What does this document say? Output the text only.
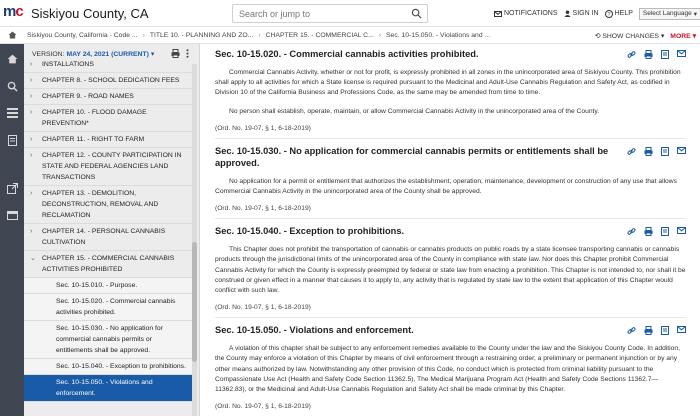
mc Siskiyou County, CA	Search or jump to	NOTIFICATIONS SIGN IN ? HELP Select Language ▾
Siskiyou County, California - Code ... › TITLE 10. - PLANNING AND ZO... › CHAPTER 15. - COMMERCIAL C... › Sec. 10-15.050. - Violations and ...	⟲ SHOW CHANGES ▾ MORE ▾
VERSION: MAY 24, 2021 (CURRENT) ▾
›	INSTALLATIONS
›	CHAPTER 8. - SCHOOL DEDICATION FEES
›	CHAPTER 9. - ROAD NAMES
›	CHAPTER 10. - FLOOD DAMAGE PREVENTION*
›	CHAPTER 11. - RIGHT TO FARM
›	CHAPTER 12. - COUNTY PARTICIPATION IN STATE AND FEDERAL AGENCIES LAND TRANSACTIONS
›	CHAPTER 13. - DEMOLITION, DECONSTRUCTION, REMOVAL AND RECLAMATION
›	CHAPTER 14. - PERSONAL CANNABIS CULTIVATION
⌄ CHAPTER 15. - COMMERCIAL CANNABIS ACTIVITIES PROHIBITED
Sec. 10-15.010. - Purpose.
Sec. 10-15.020. - Commercial cannabis activities prohibited.
Sec. 10-15.030. - No application for commercial cannabis permits or entitlements shall be approved.
Sec. 10-15.040. - Exception to prohibitions.
Sec. 10-15.050. - Violations and enforcement.
Sec. 10-15.020. - Commercial cannabis activities prohibited.
Commercial Cannabis Activity, whether or not for profit, is expressly prohibited in all zones in the unincorporated area of Siskiyou County. This prohibition shall apply to all activities for which a State license is required pursuant to the Medicinal and Adult-Use Cannabis Regulation and Safety Act, as codified in Division 10 of the California Business and Professions Code, as the same may be amended from time to time.
No person shall establish, operate, maintain, or allow Commercial Cannabis Activity in the unincorporated area of the County.
(Ord. No. 19-07, § 1, 6-18-2019)
Sec. 10-15.030. - No application for commercial cannabis permits or entitlements shall be approved.
No application for a permit or entitlement that authorizes the establishment, operation, maintenance, development or construction of any use that allows Commercial Cannabis Activity in the unincorporated area of the County shall be approved.
(Ord. No. 19-07, § 1, 6-18-2019)
Sec. 10-15.040. - Exception to prohibitions.
This Chapter does not prohibit the transportation of cannabis or cannabis products on public roads by a state licensee transporting cannabis or cannabis products through the jurisdictional limits of the unincorporated area of the County in compliance with state law. Nor does this Chapter prohibit Commercial Cannabis Activity for which the County is expressly preempted by federal or state law from enacting a prohibition. This Chapter is not intended to, nor shall it be construed or given effect in a manner that causes it to apply to, any activity that is regulated by state law to the extent that application of this Chapter would conflict with such law.
(Ord. No. 19-07, § 1, 6-18-2019)
Sec. 10-15.050. - Violations and enforcement.
A violation of this chapter shall be subject to any enforcement remedies available to the County under the law and the Siskiyou County Code. In addition, the County may enforce a violation of this Chapter by means of civil enforcement through a restraining order, a preliminary or permanent injunction or by any other means authorized by law. Notwithstanding any other provision of this Code, no conduct which is protected from criminal liability pursuant to the Compassionate Use Act (Health and Safety Code Section 11362.5), The Medical Marijuana Program Act (Health and Safety Code Sections 11362.7—11362.83), or the Medicinal and Adult-Use Cannabis Regulation and Safety Act shall be made criminal by this Chapter.
(Ord. No. 19-07, § 1, 6-18-2019)
